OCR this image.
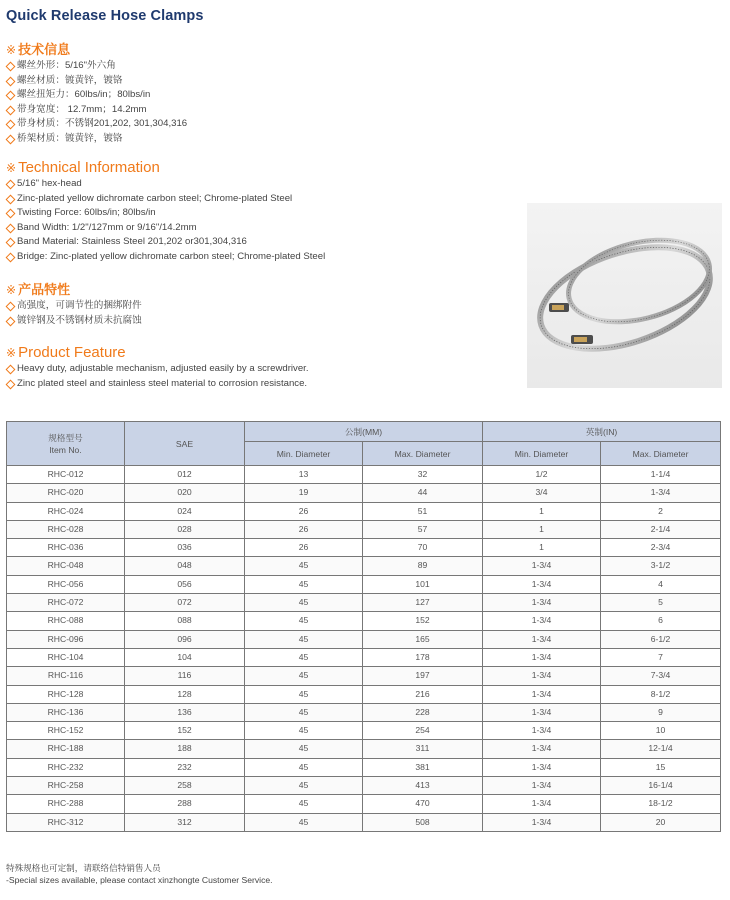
Quick Release Hose Clamps
※ 技术信息
螺丝外形：5/16"外六角
螺丝材质：镀黄锌，镀铬
螺丝扭矩力：60lbs/in；80lbs/in
带身宽度： 12.7mm；14.2mm
带身材质：不锈钢201,202, 301,304,316
桥架材质：镀黄锌，镀铬
※ Technical Information
5/16" hex-head
Zinc-plated yellow dichromate carbon steel; Chrome-plated Steel
Twisting Force: 60lbs/in; 80lbs/in
Band Width: 1/2"/127mm or 9/16"/14.2mm
Band Material: Stainless Steel 201,202 or301,304,316
Bridge: Zinc-plated yellow dichromate carbon steel; Chrome-plated Steel
※ 产品特性
高强度，可调节性的捆绑附件
镀锌钢及不锈钢材质未抗腐蚀
※ Product Feature
Heavy duty, adjustable mechanism, adjusted easily by a screwdriver.
Zinc plated steel and stainless steel material to corrosion resistance.
规格型号
Item No.	SAE	公制(MM)		英制(IN)	
		Min. Diameter	Max. Diameter	Min. Diameter	Max. Diameter
RHC-012	012	13	32	1/2	1-1/4
RHC-020	020	19	44	3/4	1-3/4
RHC-024	024	26	51	1	2
RHC-028	028	26	57	1	2-1/4
RHC-036	036	26	70	1	2-3/4
RHC-048	048	45	89	1-3/4	3-1/2
RHC-056	056	45	101	1-3/4	4
RHC-072	072	45	127	1-3/4	5
RHC-088	088	45	152	1-3/4	6
RHC-096	096	45	165	1-3/4	6-1/2
RHC-104	104	45	178	1-3/4	7
RHC-116	116	45	197	1-3/4	7-3/4
RHC-128	128	45	216	1-3/4	8-1/2
RHC-136	136	45	228	1-3/4	9
RHC-152	152	45	254	1-3/4	10
RHC-188	188	45	311	1-3/4	12-1/4
RHC-232	232	45	381	1-3/4	15
RHC-258	258	45	413	1-3/4	16-1/4
RHC-288	288	45	470	1-3/4	18-1/2
RHC-312	312	45	508	1-3/4	20
特殊规格也可定制，请联络信特销售人员
-Special sizes available, please contact xinzhongte Customer Service.
